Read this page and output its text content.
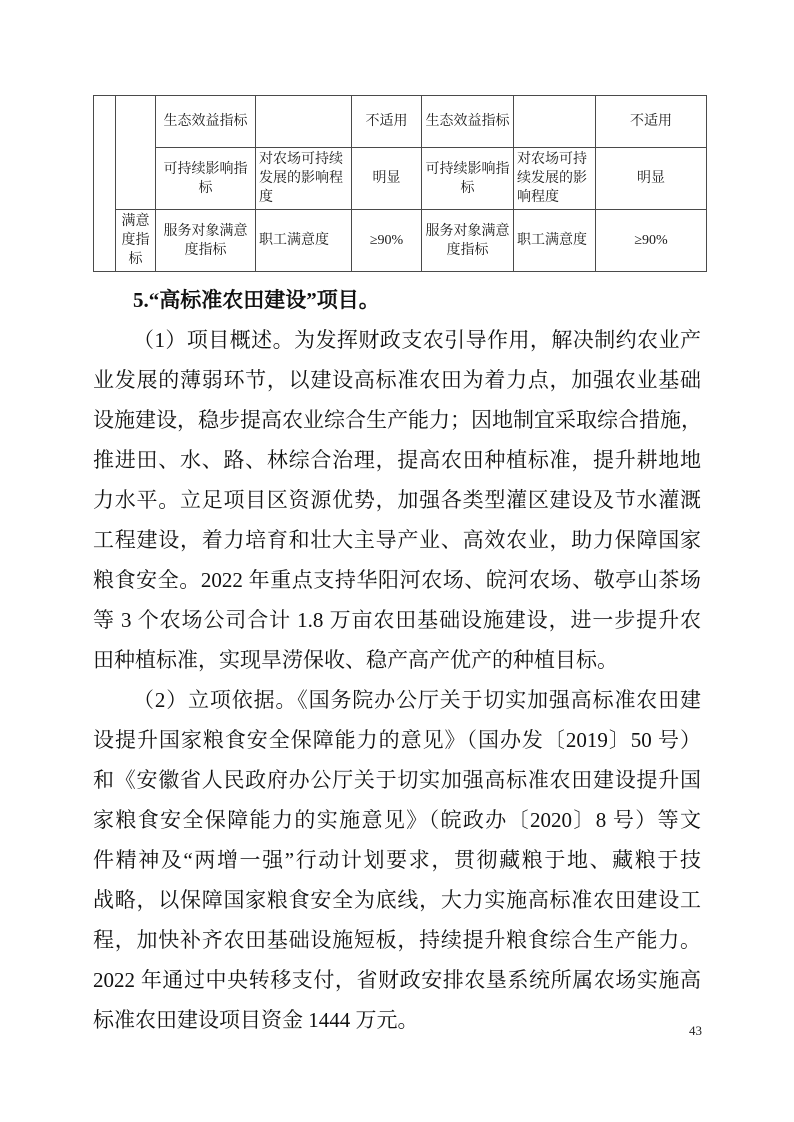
		生态效益指标		不适用	生态效益指标		不适用
		可持续影响指标	对农场可持续发展的影响程度	明显	可持续影响指标	对农场可持续发展的影响程度	明显
	满意度指标	服务对象满意度指标	职工满意度	≥90%	服务对象满意度指标	职工满意度	≥90%
5.“高标准农田建设”项目。
（1）项目概述。为发挥财政支农引导作用，解决制约农业产
业发展的薄弱环节，以建设高标准农田为着力点，加强农业基础
设施建设，稳步提高农业综合生产能力；因地制宜采取综合措施，
推进田、水、路、林综合治理，提高农田种植标准，提升耕地地
力水平。立足项目区资源优势，加强各类型灌区建设及节水灌溉
工程建设，着力培育和壮大主导产业、高效农业，助力保障国家
粮食安全。2022 年重点支持华阳河农场、皖河农场、敬亭山茶场
等 3 个农场公司合计 1.8 万亩农田基础设施建设，进一步提升农
田种植标准，实现旱涝保收、稳产高产优产的种植目标。
（2）立项依据。《国务院办公厅关于切实加强高标准农田建
设提升国家粮食安全保障能力的意见》（国办发〔2019〕50 号）
和《安徽省人民政府办公厅关于切实加强高标准农田建设提升国
家粮食安全保障能力的实施意见》（皖政办〔2020〕8 号）等文
件精神及“两增一强”行动计划要求，贯彻藏粮于地、藏粮于技
战略，以保障国家粮食安全为底线，大力实施高标准农田建设工
程，加快补齐农田基础设施短板，持续提升粮食综合生产能力。
2022 年通过中央转移支付，省财政安排农垦系统所属农场实施高
标准农田建设项目资金 1444 万元。	43
